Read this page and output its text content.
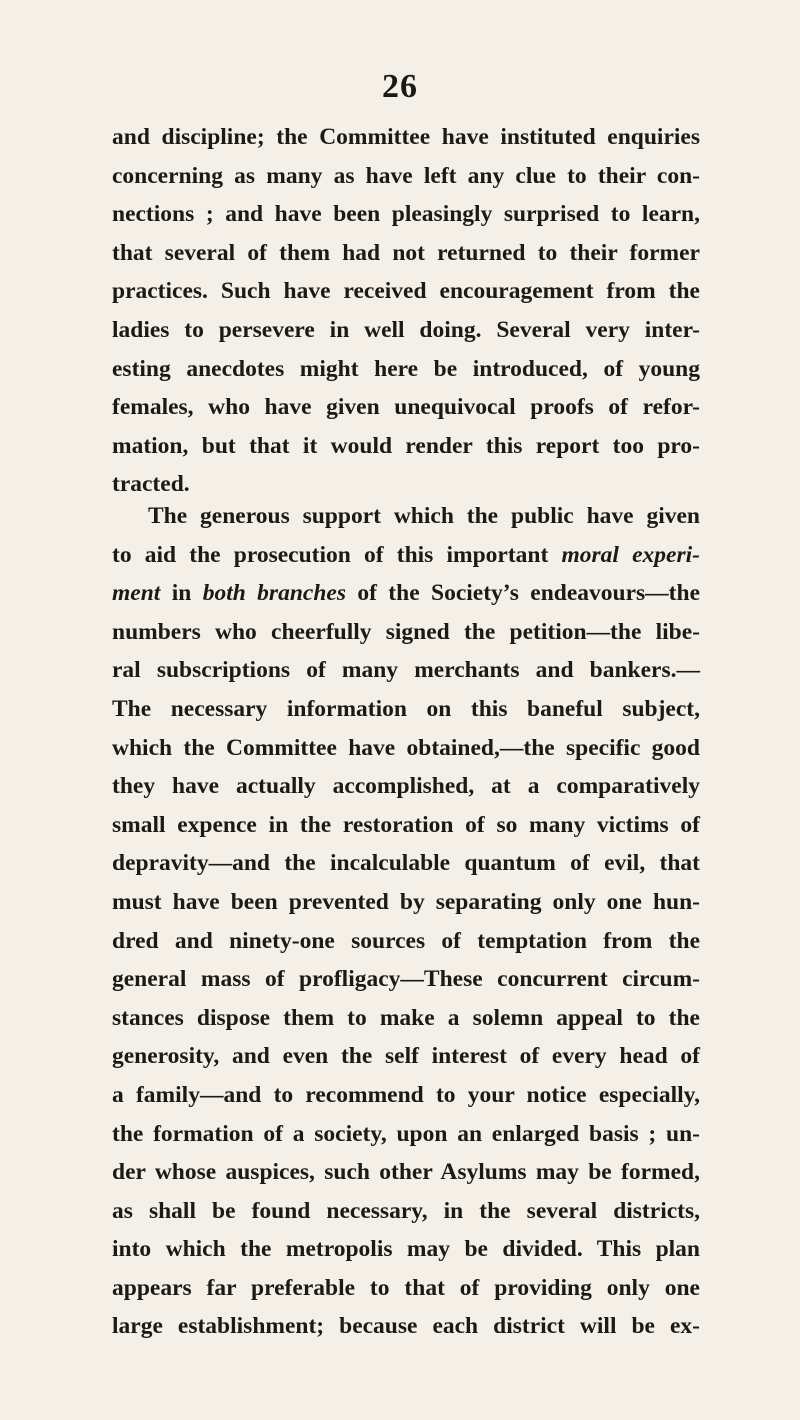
26
and discipline; the Committee have instituted enquiries
concerning as many as have left any clue to their con-
nections ; and have been pleasingly surprised to learn,
that several of them had not returned to their former
practices. Such have received encouragement from the
ladies to persevere in well doing. Several very inter-
esting anecdotes might here be introduced, of young
females, who have given unequivocal proofs of refor-
mation, but that it would render this report too pro-
tracted.
The generous support which the public have given
to aid the prosecution of this important moral experi-
ment in both branches of the Society’s endeavours—the
numbers who cheerfully signed the petition—the libe-
ral subscriptions of many merchants and bankers.—
The necessary information on this baneful subject,
which the Committee have obtained,—the specific good
they have actually accomplished, at a comparatively
small expence in the restoration of so many victims of
depravity—and the incalculable quantum of evil, that
must have been prevented by separating only one hun-
dred and ninety-one sources of temptation from the
general mass of profligacy—These concurrent circum-
stances dispose them to make a solemn appeal to the
generosity, and even the self interest of every head of
a family—and to recommend to your notice especially,
the formation of a society, upon an enlarged basis ; un-
der whose auspices, such other Asylums may be formed,
as shall be found necessary, in the several districts,
into which the metropolis may be divided. This plan
appears far preferable to that of providing only one
large establishment; because each district will be ex-
